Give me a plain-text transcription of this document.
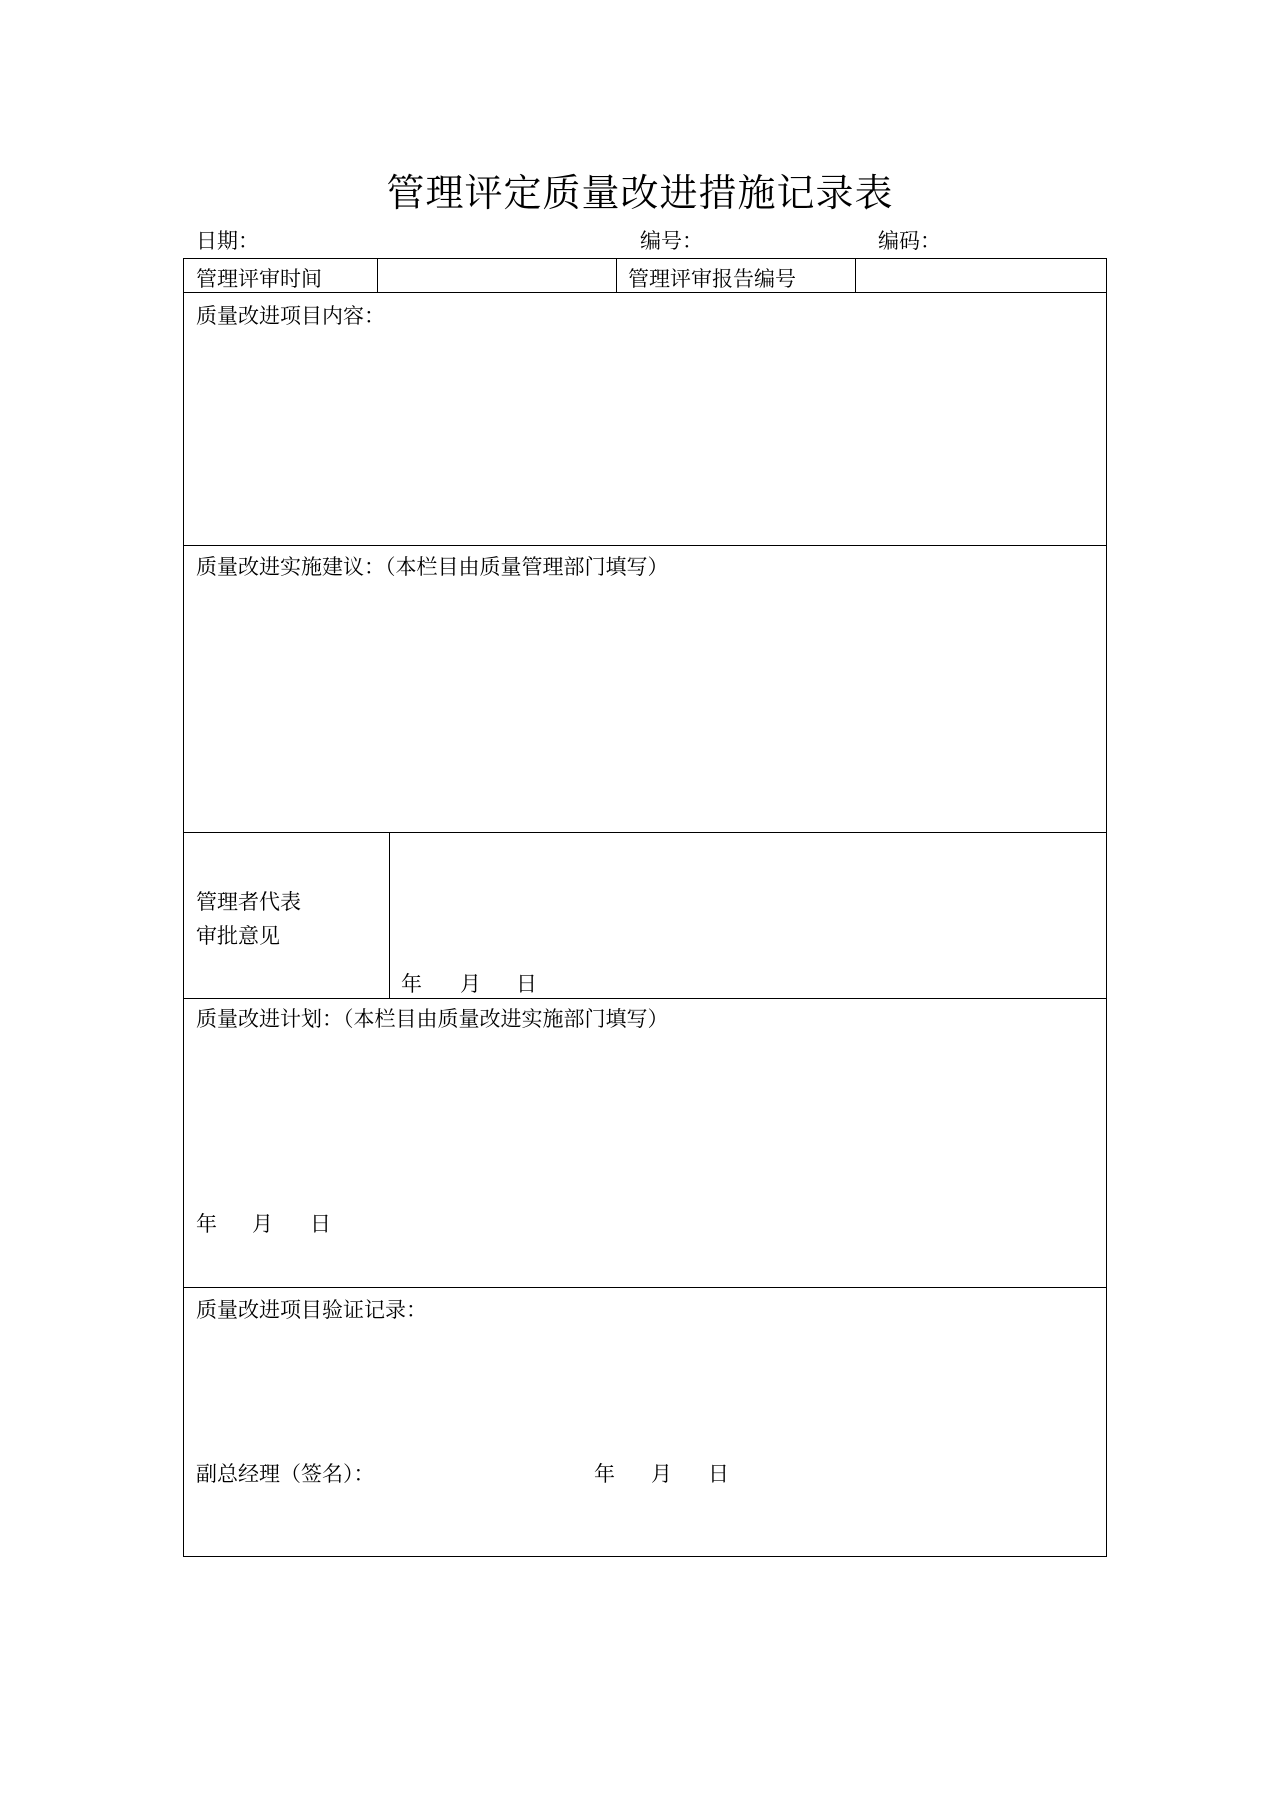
管理评定质量改进措施记录表
日期：	编号：	编码：
管理评审时间	管理评审报告编号
质量改进项目内容：
质量改进实施建议：（本栏目由质量管理部门填写）
管理者代表
审批意见
年 月 日
质量改进计划：（本栏目由质量改进实施部门填写）
年 月 日
质量改进项目验证记录：
副总经理（签名）：	年 月 日
